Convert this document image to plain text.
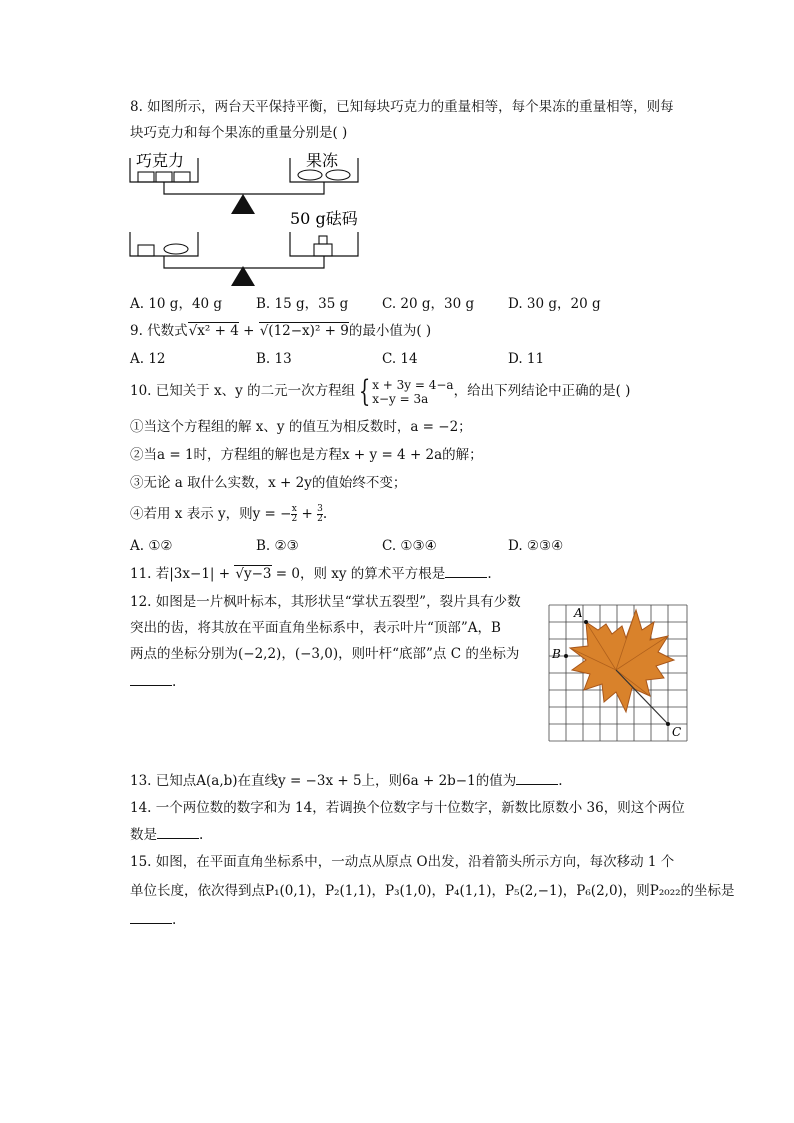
8. 如图所示，两台天平保持平衡，已知每块巧克力的重量相等，每个果冻的重量相等，则每
块巧克力和每个果冻的重量分别是( )
巧克力	果冻
50 g砝码
A. 10 g，40 g	B. 15 g，35 g	C. 20 g，30 g	D. 30 g，20 g
9. 代数式√x² + 4 + √(12−x)² + 9的最小值为( )
A. 12	B. 13	C. 14	D. 11
10. 已知关于 x、y 的二元一次方程组 { x + 3y = 4−a
x−y = 3a	，给出下列结论中正确的是( )
①当这个方程组的解 x、y 的值互为相反数时，a = −2；
②当a = 1时，方程组的解也是方程x + y = 4 + 2a的解；
③无论 a 取什么实数，x + 2y的值始终不变；
④若用 x 表示 y，则y = − $\frac{x}{2} + \frac{3}{2}$ .
A. ①②	B. ②③	C. ①③④	D. ②③④
11. 若|3x−1| + √y−3 = 0，则 xy 的算术平方根是	.
12. 如图是一片枫叶标本，其形状呈“掌状五裂型”，裂片具有少数
突出的齿，将其放在平面直角坐标系中，表示叶片“顶部”A，B
两点的坐标分别为(−2,2)，(−3,0)，则叶杆“底部”点 C 的坐标为
.
A
B
C
13. 已知点A(a,b)在直线y = −3x + 5上，则6a + 2b−1的值为	.
14. 一个两位数的数字和为 14，若调换个位数字与十位数字，新数比原数小 36，则这个两位
数是	.
15. 如图，在平面直角坐标系中，一动点从原点 O出发，沿着箭头所示方向，每次移动 1 个
单位长度，依次得到点P₁(0,1)，P₂(1,1)，P₃(1,0)，P₄(1,1)，P₅(2,−1)，P₆(2,0)，则P₂₀₂₂的坐标是
.
